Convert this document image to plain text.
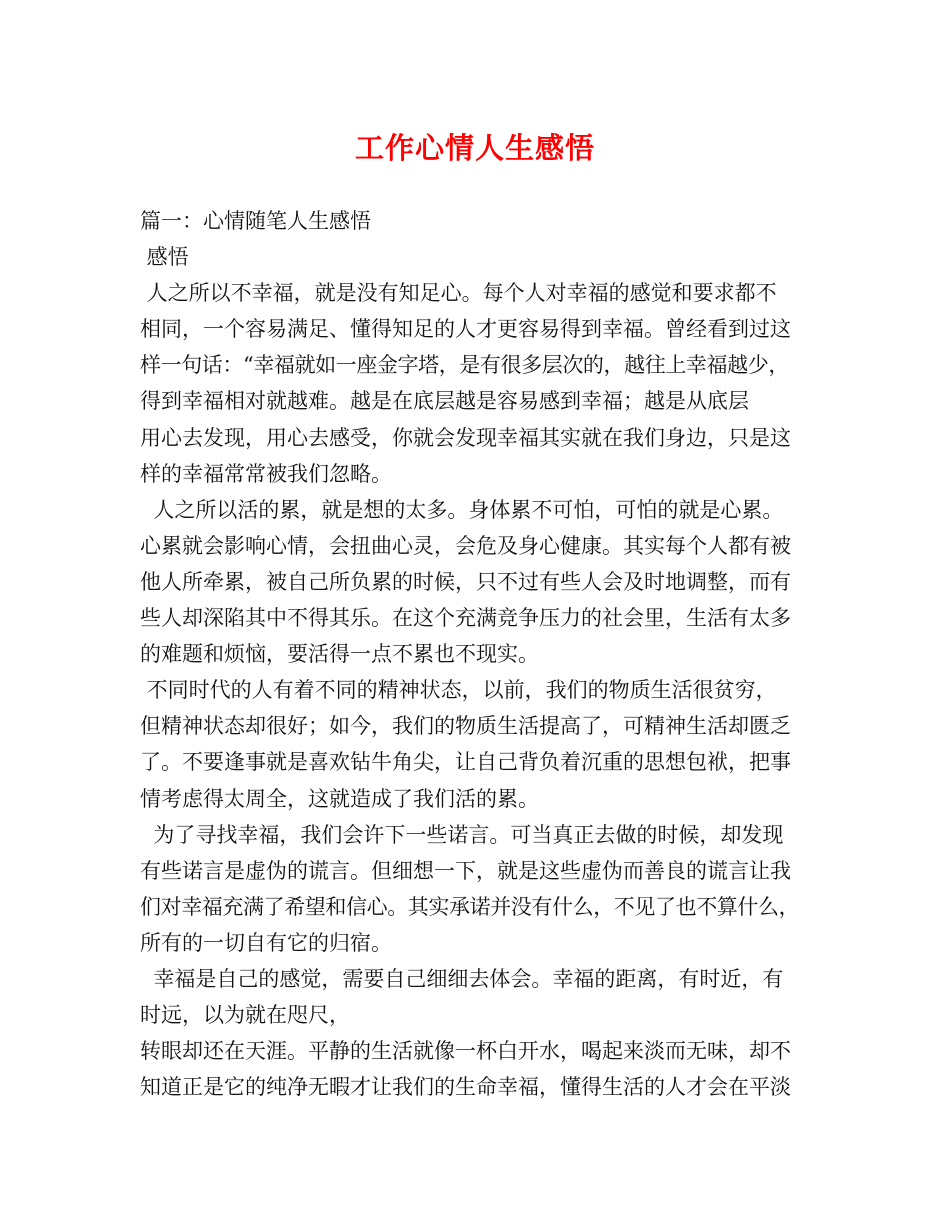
工作心情人生感悟
篇一：心情随笔人生感悟
感悟
人之所以不幸福，就是没有知足心。每个人对幸福的感觉和要求都不
相同，一个容易满足、懂得知足的人才更容易得到幸福。曾经看到过这
样一句话：“幸福就如一座金字塔，是有很多层次的，越往上幸福越少，
得到幸福相对就越难。越是在底层越是容易感到幸福；越是从底层
用心去发现，用心去感受，你就会发现幸福其实就在我们身边，只是这
样的幸福常常被我们忽略。
人之所以活的累，就是想的太多。身体累不可怕，可怕的就是心累。
心累就会影响心情，会扭曲心灵，会危及身心健康。其实每个人都有被
他人所牵累，被自己所负累的时候，只不过有些人会及时地调整，而有
些人却深陷其中不得其乐。在这个充满竞争压力的社会里，生活有太多
的难题和烦恼，要活得一点不累也不现实。
不同时代的人有着不同的精神状态，以前，我们的物质生活很贫穷，
但精神状态却很好；如今，我们的物质生活提高了，可精神生活却匮乏
了。不要逢事就是喜欢钻牛角尖，让自己背负着沉重的思想包袱，把事
情考虑得太周全，这就造成了我们活的累。
为了寻找幸福，我们会许下一些诺言。可当真正去做的时候，却发现
有些诺言是虚伪的谎言。但细想一下，就是这些虚伪而善良的谎言让我
们对幸福充满了希望和信心。其实承诺并没有什么，不见了也不算什么，
所有的一切自有它的归宿。
幸福是自己的感觉，需要自己细细去体会。幸福的距离，有时近，有
时远，以为就在咫尺，
转眼却还在天涯。平静的生活就像一杯白开水，喝起来淡而无味，却不
知道正是它的纯净无暇才让我们的生命幸福，懂得生活的人才会在平淡
